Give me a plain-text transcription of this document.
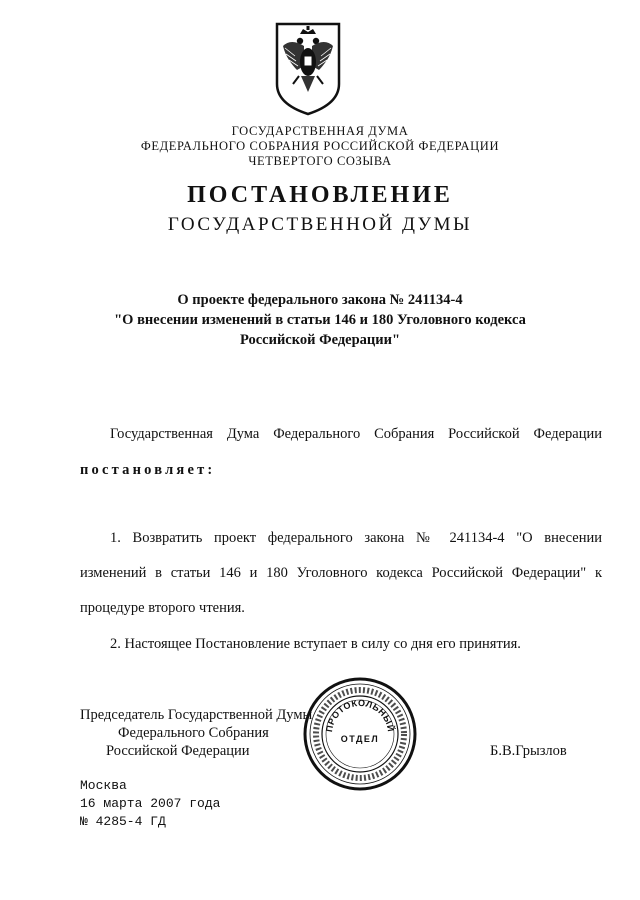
ГОСУДАРСТВЕННАЯ ДУМА
ФЕДЕРАЛЬНОГО СОБРАНИЯ РОССИЙСКОЙ ФЕДЕРАЦИИ
ЧЕТВЕРТОГО СОЗЫВА
ПОСТАНОВЛЕНИЕ
ГОСУДАРСТВЕННОЙ ДУМЫ
О проекте федерального закона № 241134-4
"О внесении изменений в статьи 146 и 180 Уголовного кодекса
Российской Федерации"
Государственная Дума Федерального Собрания Российской Федерации
постановляет:
1. Возвратить проект федерального закона № 241134-4 "О внесении
изменений в статьи 146 и 180 Уголовного кодекса Российской Федерации" к
процедуре второго чтения.
2. Настоящее Постановление вступает в силу со дня его принятия.
Председатель Государственной Думы
Федерального Собрания
Российской Федерации	Б.В.Грызлов
ПРОТОКОЛЬНЫЙ
ОТДЕЛ
Москва
16 марта 2007 года
№ 4285-4 ГД
